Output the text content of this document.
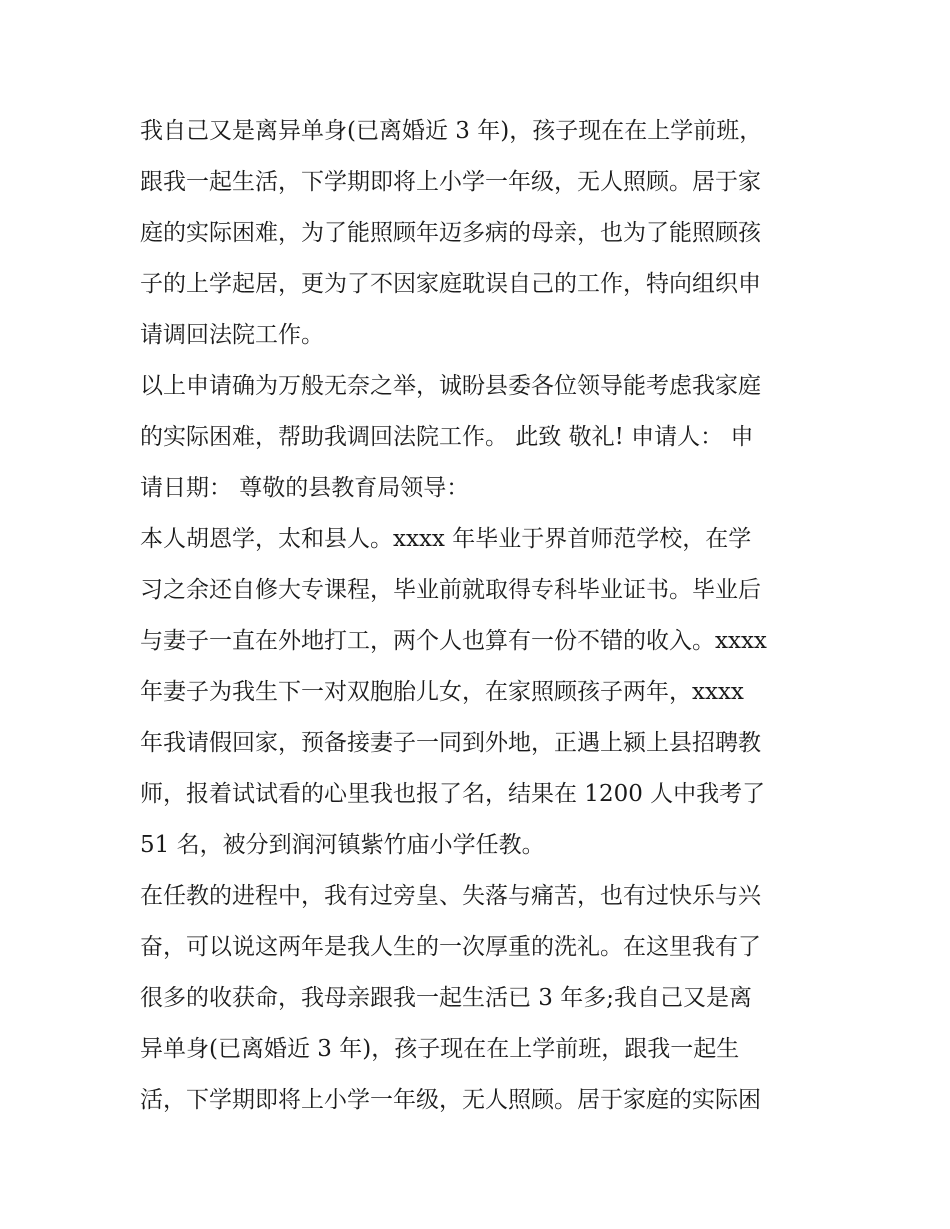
我自己又是离异单身(已离婚近 3 年)，孩子现在在上学前班，
跟我一起生活，下学期即将上小学一年级，无人照顾。居于家
庭的实际困难，为了能照顾年迈多病的母亲，也为了能照顾孩
子的上学起居，更为了不因家庭耽误自己的工作，特向组织申
请调回法院工作。
以上申请确为万般无奈之举，诚盼县委各位领导能考虑我家庭
的实际困难，帮助我调回法院工作。 此致 敬礼! 申请人： 申
请日期： 尊敬的县教育局领导：
本人胡恩学，太和县人。xxxx 年毕业于界首师范学校，在学
习之余还自修大专课程，毕业前就取得专科毕业证书。毕业后
与妻子一直在外地打工，两个人也算有一份不错的收入。xxxx
年妻子为我生下一对双胞胎儿女，在家照顾孩子两年，xxxx
年我请假回家，预备接妻子一同到外地，正遇上颍上县招聘教
师，报着试试看的心里我也报了名，结果在 1200 人中我考了
51 名，被分到润河镇紫竹庙小学任教。
在任教的进程中，我有过旁皇、失落与痛苦，也有过快乐与兴
奋，可以说这两年是我人生的一次厚重的洗礼。在这里我有了
很多的收获命，我母亲跟我一起生活已 3 年多;我自己又是离
异单身(已离婚近 3 年)，孩子现在在上学前班，跟我一起生
活，下学期即将上小学一年级，无人照顾。居于家庭的实际困
